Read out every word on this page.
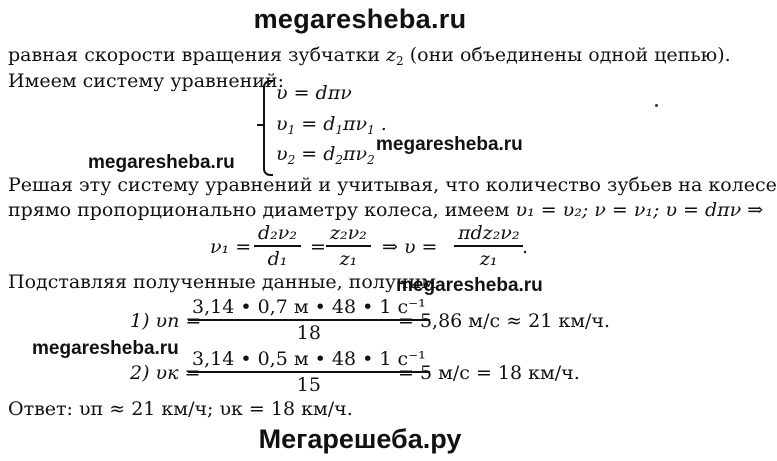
megaresheba.ru
равная скорости вращения зубчатки $z_2$ (они объединены одной цепью).
Имеем систему уравнений:
υ = dπν
$\upsilon_1 = d_1\pi\nu_1$ .
$\upsilon_2 = d_2\pi\nu_2$
megaresheba.ru
megaresheba.ru
Решая эту систему уравнений и учитывая, что количество зубьев на колесе
прямо пропорционально диаметру колеса, имеем υ₁ = υ₂; ν = ν₁; υ = dπν ⇒
$\nu_1 = \frac{\text{d₂ν₂}}{\text{d₁}} = \frac{\text{z₂ν₂}}{\text{z₁}}$ ⇒ υ =
πdz₂ν₂
z₁
.
Подставляя полученные данные, получим
megaresheba.ru
1) υп =
3,14 • 0,7 м • 48 • 1 с⁻¹
18
= 5,86 м/с ≈ 21 км/ч.
megaresheba.ru
2) υк =
3,14 • 0,5 м • 48 • 1 с⁻¹
15
= 5 м/с = 18 км/ч.
Ответ: υп ≈ 21 км/ч; υк = 18 км/ч.
Мегарешеба.ру
